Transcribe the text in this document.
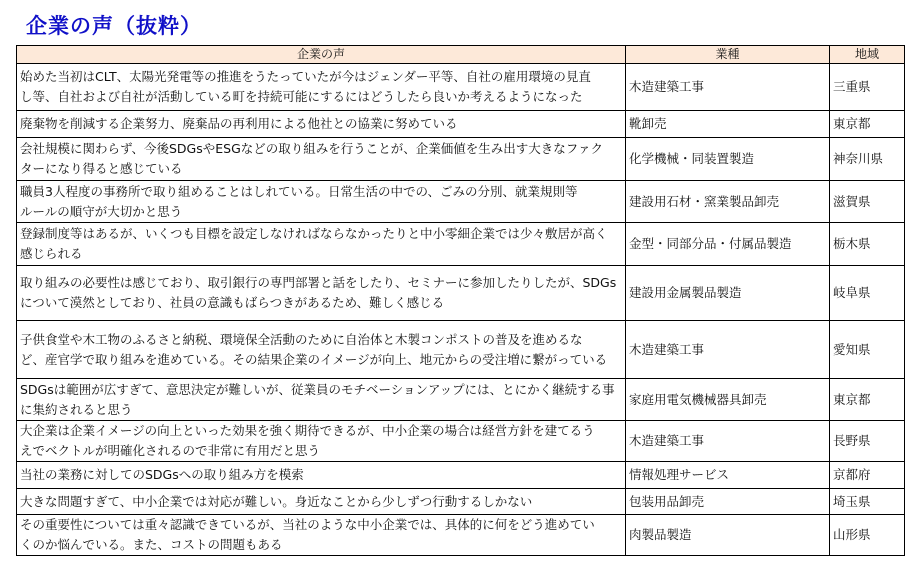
企業の声（抜粋）
企業の声	業種	地域
始めた当初はCLT、太陽光発電等の推進をうたっていたが今はジェンダー平等、自社の雇用環境の見直
し等、自社および自社が活動している町を持続可能にするにはどうしたら良いか考えるようになった	木造建築工事	三重県
廃棄物を削減する企業努力、廃棄品の再利用による他社との協業に努めている	靴卸売	東京都
会社規模に関わらず、今後SDGsやESGなどの取り組みを行うことが、企業価値を生み出す大きなファク
ターになり得ると感じている	化学機械・同装置製造	神奈川県
職員3人程度の事務所で取り組めることはしれている。日常生活の中での、ごみの分別、就業規則等
ルールの順守が大切かと思う	建設用石材・窯業製品卸売	滋賀県
登録制度等はあるが、いくつも目標を設定しなければならなかったりと中小零細企業では少々敷居が高く
感じられる	金型・同部分品・付属品製造	栃木県
取り組みの必要性は感じており、取引銀行の専門部署と話をしたり、セミナーに参加したりしたが、SDGs
について漠然としており、社員の意識もばらつきがあるため、難しく感じる	建設用金属製品製造	岐阜県
子供食堂や木工物のふるさと納税、環境保全活動のために自治体と木製コンポストの普及を進めるな
ど、産官学で取り組みを進めている。その結果企業のイメージが向上、地元からの受注増に繋がっている	木造建築工事	愛知県
SDGsは範囲が広すぎて、意思決定が難しいが、従業員のモチベーションアップには、とにかく継続する事
に集約されると思う	家庭用電気機械器具卸売	東京都
大企業は企業イメージの向上といった効果を強く期待できるが、中小企業の場合は経営方針を建てるう
えでベクトルが明確化されるので非常に有用だと思う	木造建築工事	長野県
当社の業務に対してのSDGsへの取り組み方を模索	情報処理サービス	京都府
大きな問題すぎて、中小企業では対応が難しい。身近なことから少しずつ行動するしかない	包装用品卸売	埼玉県
その重要性については重々認識できているが、当社のような中小企業では、具体的に何をどう進めてい
くのか悩んでいる。また、コストの問題もある	肉製品製造	山形県
